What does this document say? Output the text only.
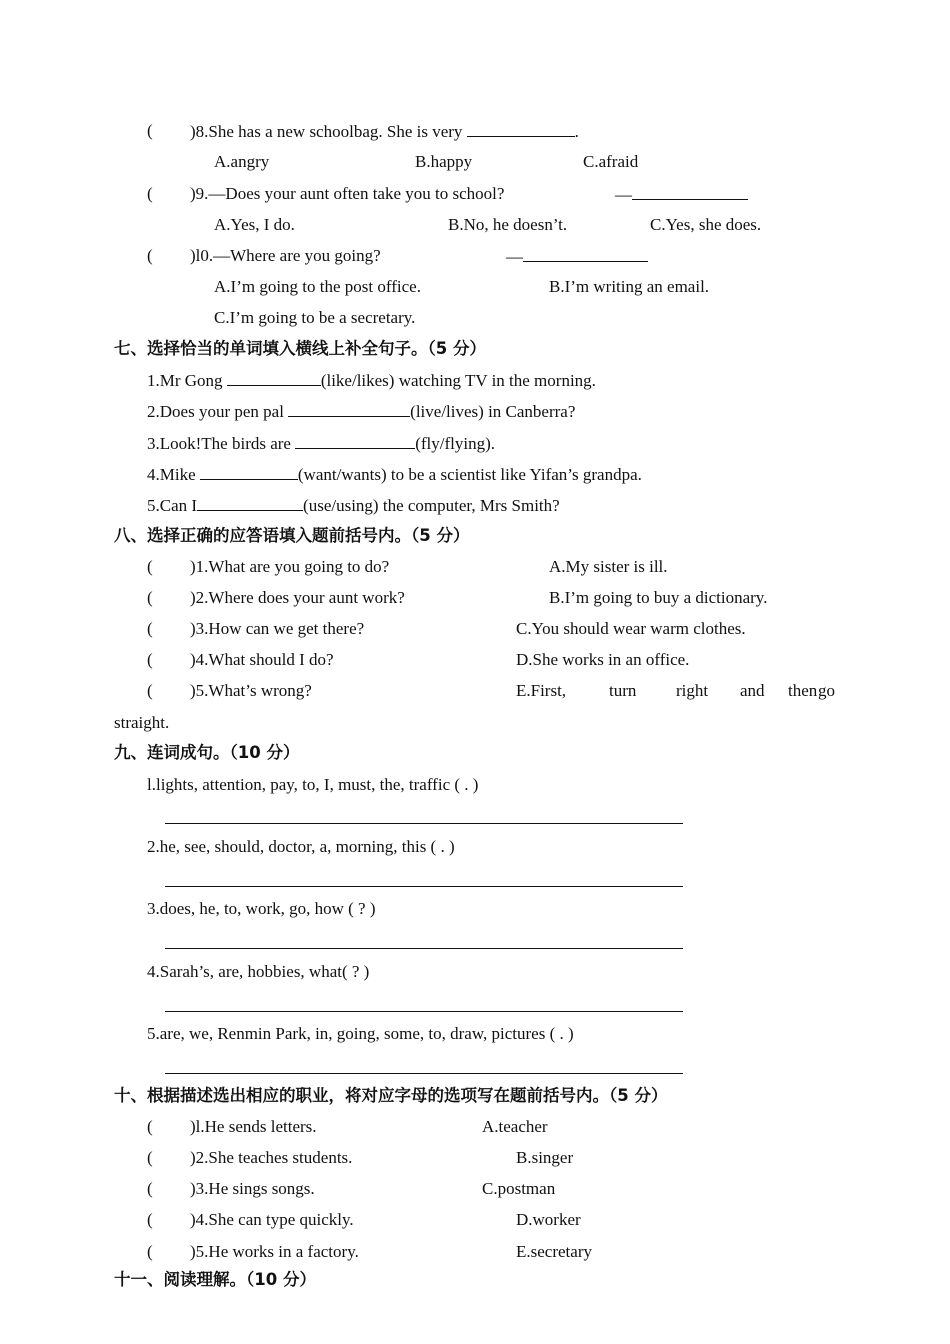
( )8.She has a new schoolbag. She is very	.
A.angry	B.happy	C.afraid
( )9.—Does your aunt often take you to school?	—
A.Yes, I do.	B.No, he doesn’t.	C.Yes, she does.
( )l0.—Where are you going?	—
A.I’m going to the post office.	B.I’m writing an email.
C.I’m going to be a secretary.
七、选择恰当的单词填入横线上补全句子。（5 分）
1.Mr Gong	(like/likes) watching TV in the morning.
2.Does your pen pal	(live/lives) in Canberra?
3.Look!The birds are	(fly/flying).
4.Mike	(want/wants) to be a scientist like Yifan’s grandpa.
5.Can I	(use/using) the computer, Mrs Smith?
八、选择正确的应答语填入题前括号内。（5 分）
( )1.What are you going to do?	A.My sister is ill.
( )2.Where does your aunt work?	B.I’m going to buy a dictionary.
( )3.How can we get there?	C.You should wear warm clothes.
( )4.What should I do?	D.She works in an office.
( )5.What’s wrong?	E.First,	turn right and then go
straight.
九、连词成句。（10 分）
l.lights, attention, pay, to, I, must, the, traffic ( . )
2.he, see, should, doctor, a, morning, this ( . )
3.does, he, to, work, go, how ( ? )
4.Sarah’s, are, hobbies, what( ? )
5.are, we, Renmin Park, in, going, some, to, draw, pictures ( . )
十、根据描述选出相应的职业，将对应字母的选项写在题前括号内。（5 分）
( )l.He sends letters.	A.teacher
( )2.She teaches students.	B.singer
( )3.He sings songs.	C.postman
( )4.She can type quickly.	D.worker
( )5.He works in a factory.	E.secretary
十一、阅读理解。（10 分）
